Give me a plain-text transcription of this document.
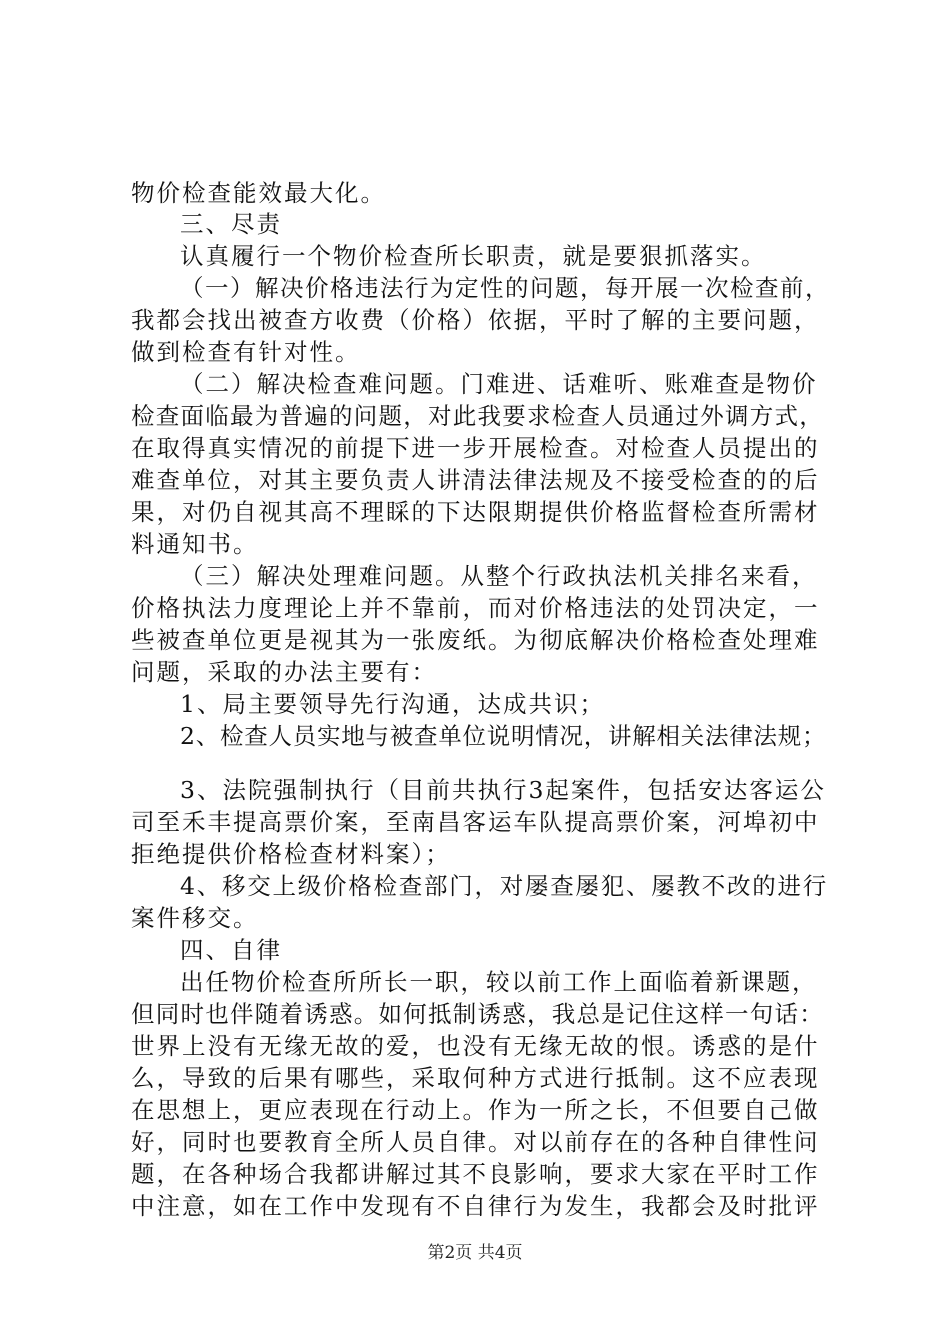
物价检查能效最大化。
三、尽责
认真履行一个物价检查所长职责，就是要狠抓落实。
（一）解决价格违法行为定性的问题，每开展一次检查前，
我都会找出被查方收费（价格）依据，平时了解的主要问题，
做到检查有针对性。
（二）解决检查难问题。门难进、话难听、账难查是物价
检查面临最为普遍的问题，对此我要求检查人员通过外调方式，
在取得真实情况的前提下进一步开展检查。对检查人员提出的
难查单位，对其主要负责人讲清法律法规及不接受检查的的后
果，对仍自视其高不理睬的下达限期提供价格监督检查所需材
料通知书。
（三）解决处理难问题。从整个行政执法机关排名来看，
价格执法力度理论上并不靠前，而对价格违法的处罚决定，一
些被查单位更是视其为一张废纸。为彻底解决价格检查处理难
问题，采取的办法主要有：
1、局主要领导先行沟通，达成共识；
2、检查人员实地与被查单位说明情况，讲解相关法律法规；
3、法院强制执行（目前共执行3起案件，包括安达客运公
司至禾丰提高票价案，至南昌客运车队提高票价案，河埠初中
拒绝提供价格检查材料案）；
4、移交上级价格检查部门，对屡查屡犯、屡教不改的进行
案件移交。
四、自律
出任物价检查所所长一职，较以前工作上面临着新课题，
但同时也伴随着诱惑。如何抵制诱惑，我总是记住这样一句话：
世界上没有无缘无故的爱，也没有无缘无故的恨。诱惑的是什
么，导致的后果有哪些，采取何种方式进行抵制。这不应表现
在思想上，更应表现在行动上。作为一所之长，不但要自己做
好，同时也要教育全所人员自律。对以前存在的各种自律性问
题，在各种场合我都讲解过其不良影响，要求大家在平时工作
中注意，如在工作中发现有不自律行为发生，我都会及时批评
第2页 共4页
